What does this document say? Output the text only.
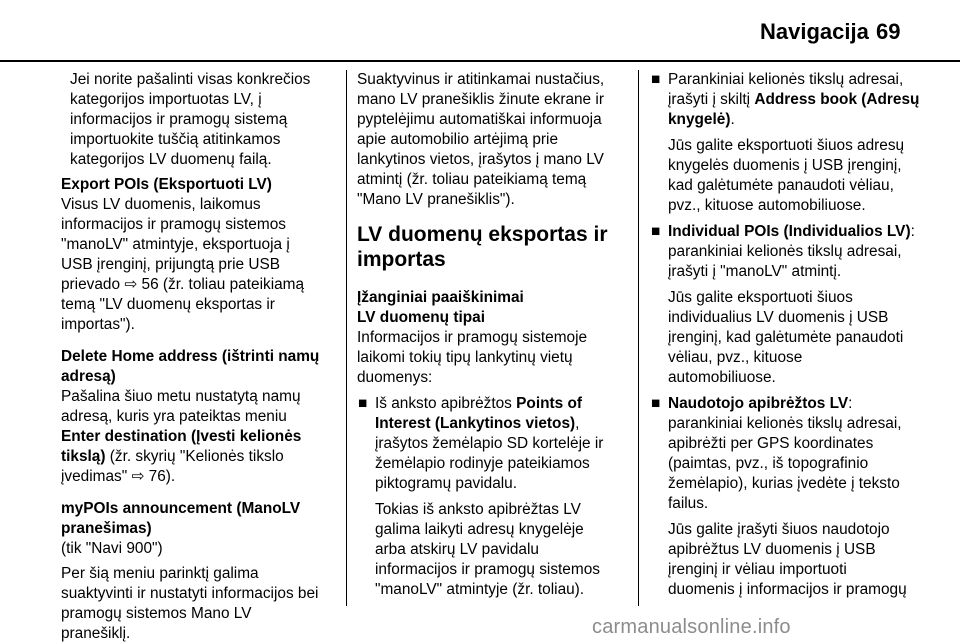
Navigacija 69
Jei norite pašalinti visas konkrečios
kategorijos importuotas LV, į
informacijos ir pramogų sistemą
importuokite tuščią atitinkamos
kategorijos LV duomenų failą.
Export POIs (Eksportuoti LV)
Visus LV duomenis, laikomus
informacijos ir pramogų sistemos
"manoLV" atmintyje, eksportuoja į
USB įrenginį, prijungtą prie USB
prievado ⇨ 56 (žr. toliau pateikiamą
temą "LV duomenų eksportas ir
importas").
Delete Home address (ištrinti namų
adresą)
Pašalina šiuo metu nustatytą namų
adresą, kuris yra pateiktas meniu
Enter destination (Įvesti kelionės
tikslą) (žr. skyrių "Kelionės tikslo
įvedimas" ⇨ 76).
myPOIs announcement (ManoLV
pranešimas)
(tik "Navi 900")
Per šią meniu parinktį galima
suaktyvinti ir nustatyti informacijos bei
pramogų sistemos Mano LV
pranešiklį.
Suaktyvinus ir atitinkamai nustačius,
mano LV pranešiklis žinute ekrane ir
pyptelėjimu automatiškai informuoja
apie automobilio artėjimą prie
lankytinos vietos, įrašytos į mano LV
atmintį (žr. toliau pateikiamą temą
"Mano LV pranešiklis").
LV duomenų eksportas ir
importas
Įžanginiai paaiškinimai
LV duomenų tipai
Informacijos ir pramogų sistemoje
laikomi tokių tipų lankytinų vietų
duomenys:
■ Iš anksto apibrėžtos Points of
Interest (Lankytinos vietos),
įrašytos žemėlapio SD kortelėje ir
žemėlapio rodinyje pateikiamos
piktogramų pavidalu.
Tokias iš anksto apibrėžtas LV
galima laikyti adresų knygelėje
arba atskirų LV pavidalu
informacijos ir pramogų sistemos
"manoLV" atmintyje (žr. toliau).
■ Parankiniai kelionės tikslų adresai,
įrašyti į skiltį Address book (Adresų
knygelė).
Jūs galite eksportuoti šiuos adresų
knygelės duomenis į USB įrenginį,
kad galėtumėte panaudoti vėliau,
pvz., kituose automobiliuose.
■ Individual POIs (Individualios LV):
parankiniai kelionės tikslų adresai,
įrašyti į "manoLV" atmintį.
Jūs galite eksportuoti šiuos
individualius LV duomenis į USB
įrenginį, kad galėtumėte panaudoti
vėliau, pvz., kituose
automobiliuose.
■ Naudotojo apibrėžtos LV:
parankiniai kelionės tikslų adresai,
apibrėžti per GPS koordinates
(paimtas, pvz., iš topografinio
žemėlapio), kurias įvedėte į teksto
failus.
Jūs galite įrašyti šiuos naudotojo
apibrėžtus LV duomenis į USB
įrenginį ir vėliau importuoti
duomenis į informacijos ir pramogų
carmanualsonline.info
